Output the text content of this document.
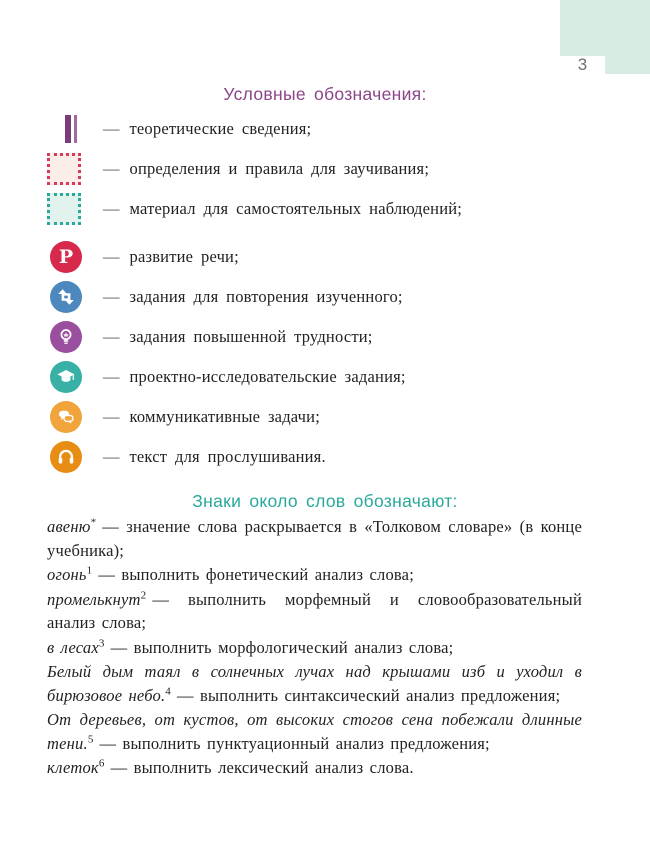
3
Условные обозначения:
— теоретические сведения;
— определения и правила для заучивания;
— материал для самостоятельных наблюдений;
Р — развитие речи;
— задания для повторения изученного;
— задания повышенной трудности;
— проектно-исследовательские задания;
— коммуникативные задачи;
— текст для прослушивания.
Знаки около слов обозначают:

авеню* — значение слова раскрывается в «Толковом словаре» (в конце учебника);

огонь$^1$ — выполнить фонетический анализ слова;

промелькнут$^2$ — выполнить морфемный и словообразовательный анализ слова;

в лесах$^3$ — выполнить морфологический анализ слова;

Белый дым таял в солнечных лучах над крышами изб и уходил в бирюзовое небо.$^4$ — выполнить синтаксический анализ предложения;

От деревьев, от кустов, от высоких стогов сена побежали длинные тени.$^5$ — выполнить пунктуационный анализ предложения;

клеток$^6$ — выполнить лексический анализ слова.
